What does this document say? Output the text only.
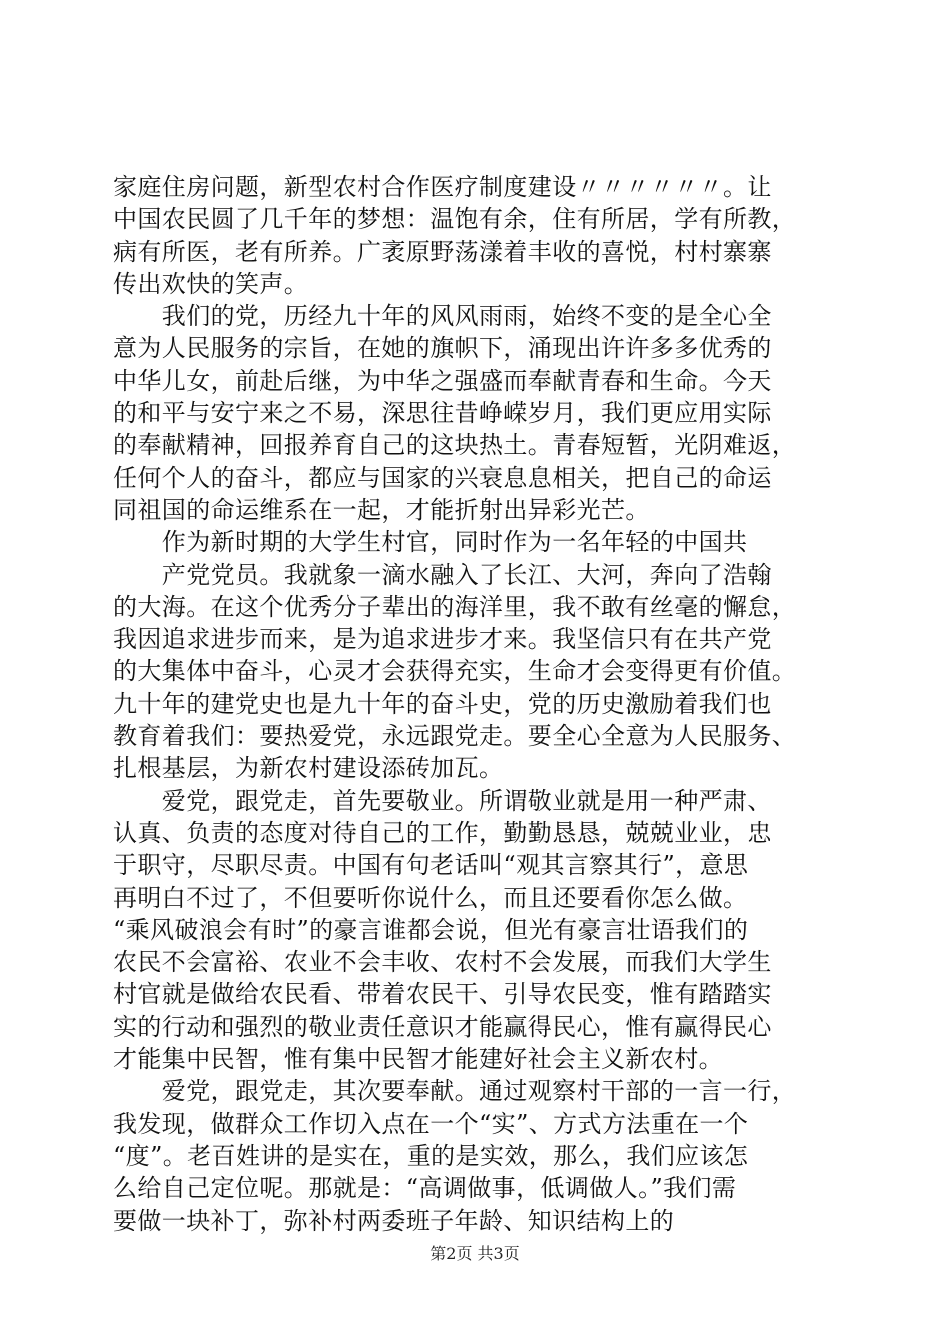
家庭住房问题，新型农村合作医疗制度建设〃〃〃〃〃〃。让
中国农民圆了几千年的梦想：温饱有余，住有所居，学有所教，
病有所医，老有所养。广袤原野荡漾着丰收的喜悦，村村寨寨
传出欢快的笑声。
　　我们的党，历经九十年的风风雨雨，始终不变的是全心全
意为人民服务的宗旨，在她的旗帜下，涌现出许许多多优秀的
中华儿女，前赴后继，为中华之强盛而奉献青春和生命。今天
的和平与安宁来之不易，深思往昔峥嵘岁月，我们更应用实际
的奉献精神，回报养育自己的这块热土。青春短暂，光阴难返，
任何个人的奋斗，都应与国家的兴衰息息相关，把自己的命运
同祖国的命运维系在一起，才能折射出异彩光芒。
　　作为新时期的大学生村官，同时作为一名年轻的中国共
　　产党党员。我就象一滴水融入了长江、大河，奔向了浩翰
的大海。在这个优秀分子辈出的海洋里，我不敢有丝毫的懈怠，
我因追求进步而来，是为追求进步才来。我坚信只有在共产党
的大集体中奋斗，心灵才会获得充实，生命才会变得更有价值。
九十年的建党史也是九十年的奋斗史，党的历史激励着我们也
教育着我们：要热爱党，永远跟党走。要全心全意为人民服务、
扎根基层，为新农村建设添砖加瓦。
　　爱党，跟党走，首先要敬业。所谓敬业就是用一种严肃、
认真、负责的态度对待自己的工作，勤勤恳恳，兢兢业业，忠
于职守，尽职尽责。中国有句老话叫“观其言察其行”，意思
再明白不过了，不但要听你说什么，而且还要看你怎么做。
“乘风破浪会有时”的豪言谁都会说，但光有豪言壮语我们的
农民不会富裕、农业不会丰收、农村不会发展，而我们大学生
村官就是做给农民看、带着农民干、引导农民变，惟有踏踏实
实的行动和强烈的敬业责任意识才能赢得民心，惟有赢得民心
才能集中民智，惟有集中民智才能建好社会主义新农村。
　　爱党，跟党走，其次要奉献。通过观察村干部的一言一行，
我发现，做群众工作切入点在一个“实”、方式方法重在一个
“度”。老百姓讲的是实在，重的是实效，那么，我们应该怎
么给自己定位呢。那就是：“高调做事，低调做人。”我们需
要做一块补丁，弥补村两委班子年龄、知识结构上的
第2页 共3页
